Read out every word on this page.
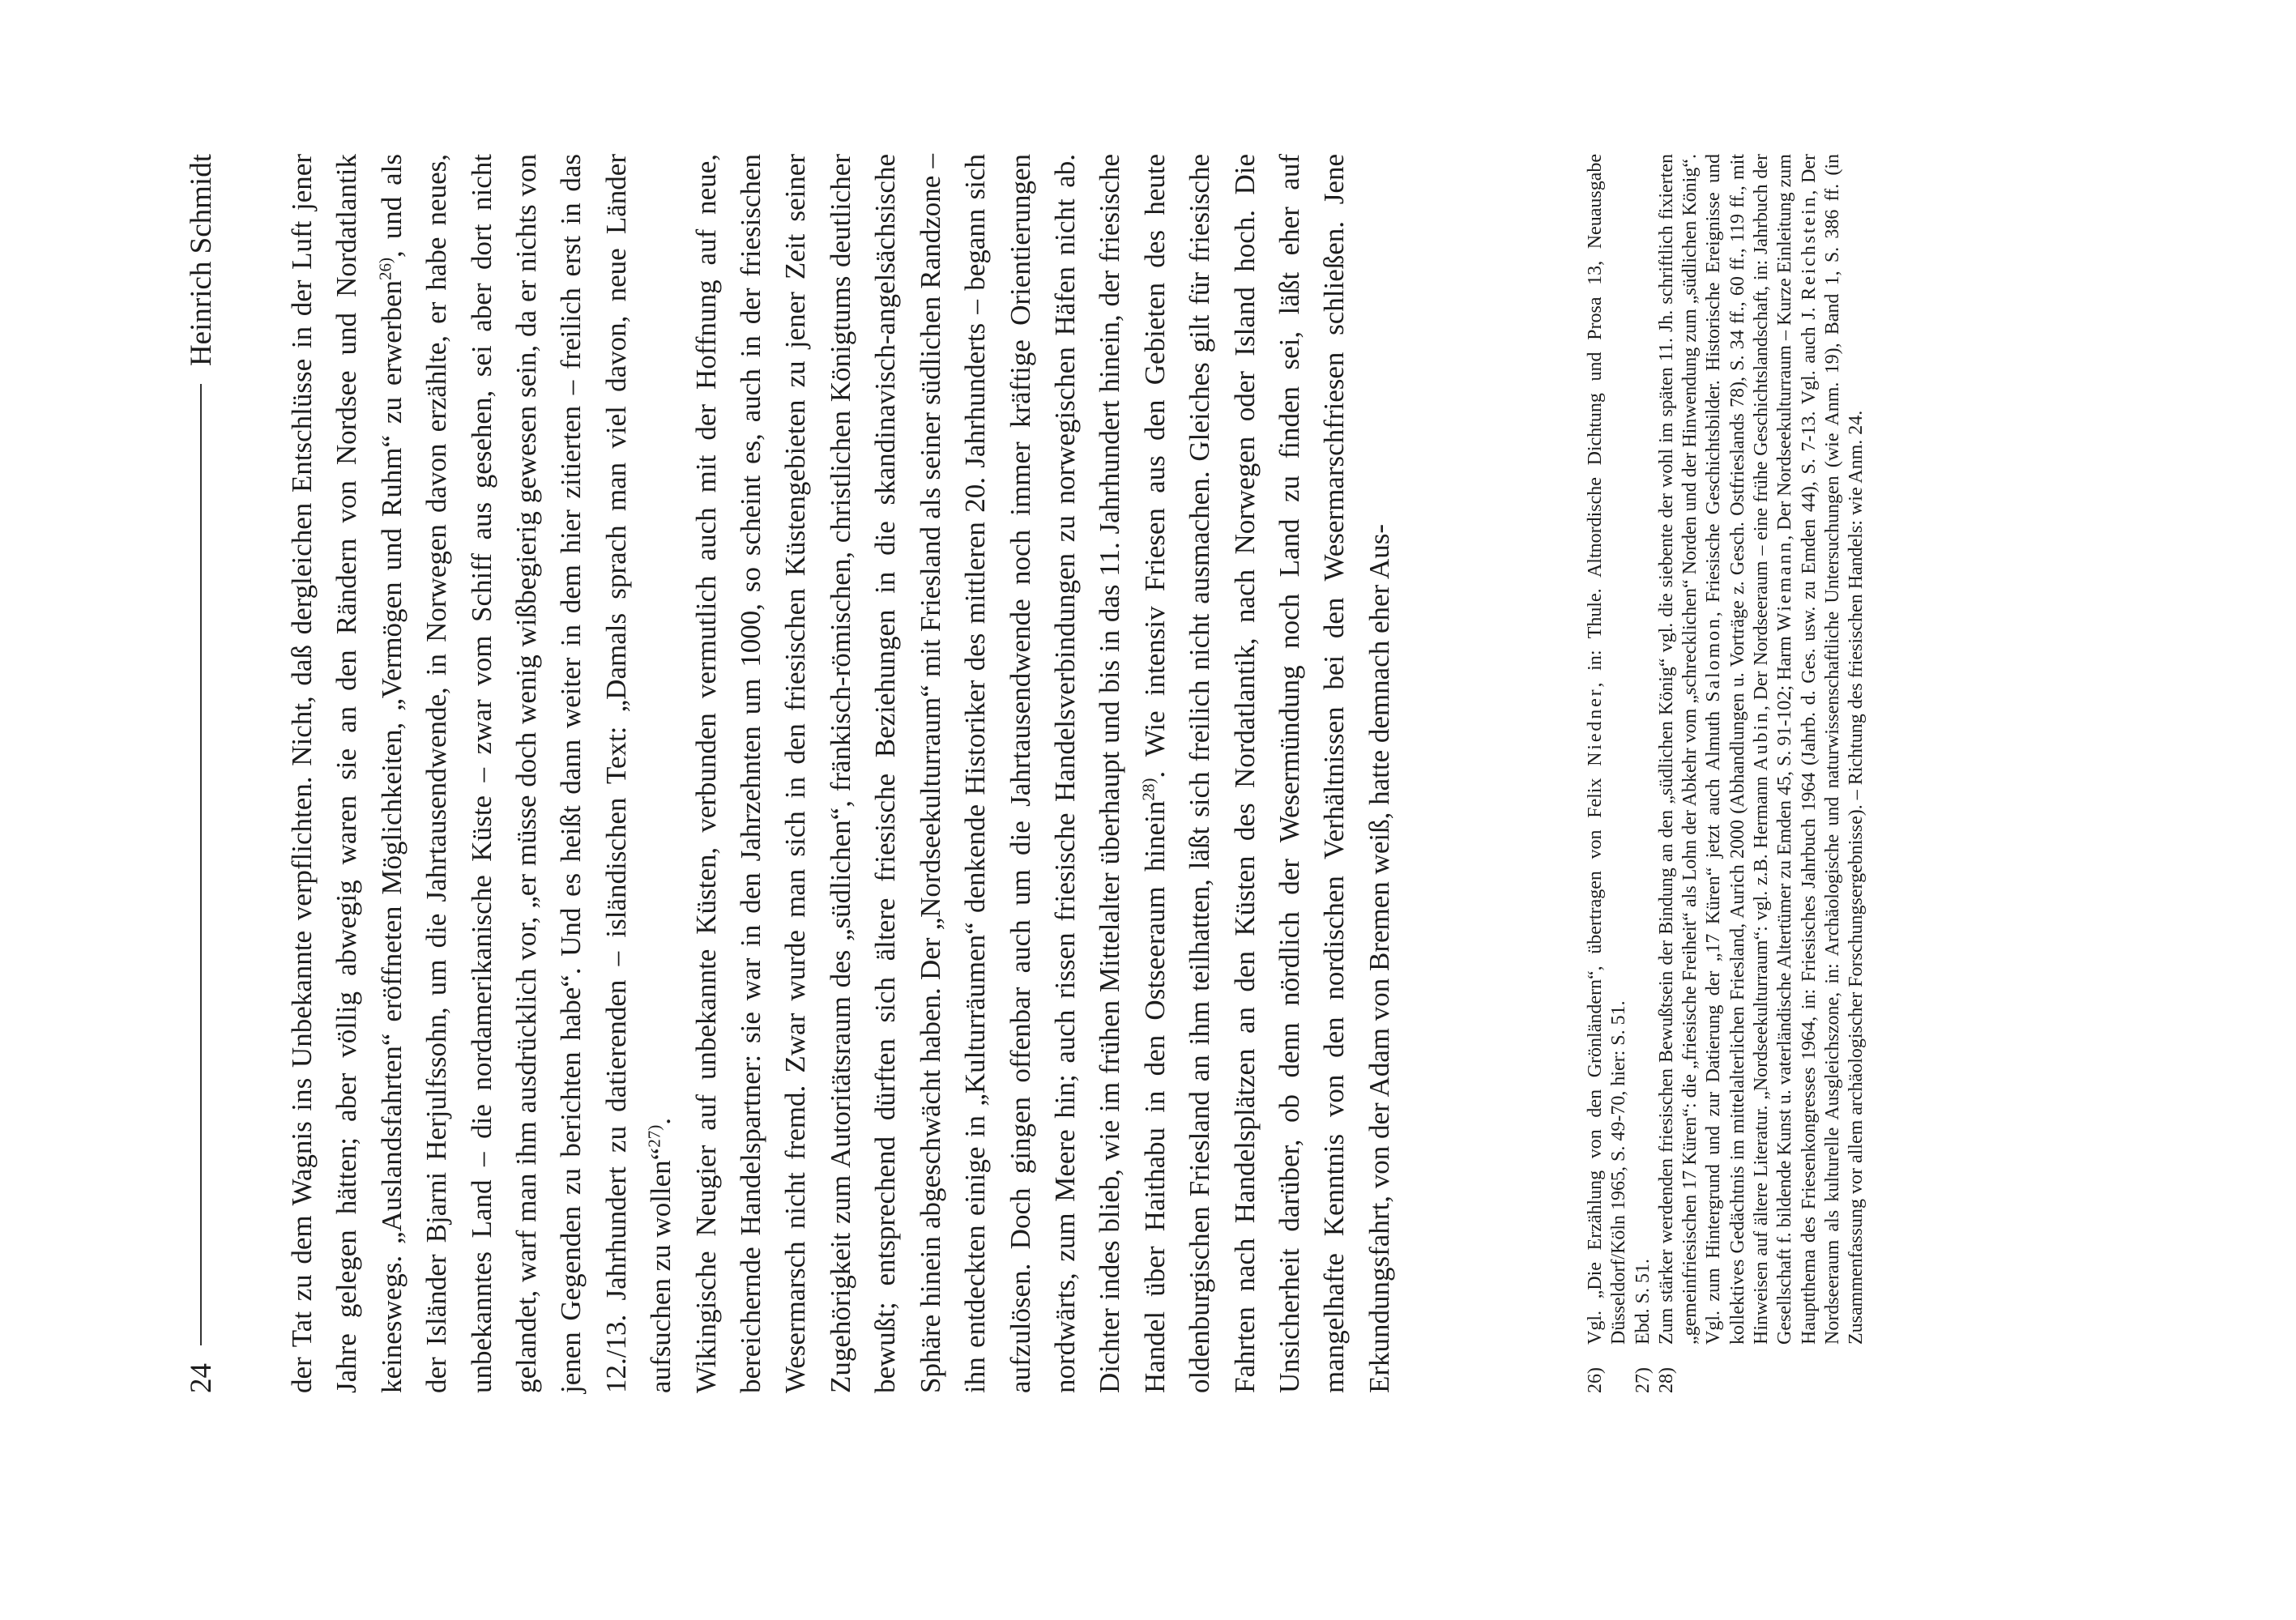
24
Heinrich Schmidt der Tat zu dem Wagnis ins Unbekannte verpflichten. Nicht, daß dergleichen Entschlüsse in der Luft jener Jahre gelegen hätten; aber völlig abwegig waren sie an den Rändern von Nordsee und Nordatlantik keineswegs. „Auslandsfahrten“ eröffneten Möglichkeiten, „Vermögen und Ruhm“ zu erwerben$^{26)}$, und als der Isländer Bjarni Herjulfssohn, um die Jahrtausendwende, in Norwegen davon erzählte, er habe neues, unbekanntes Land – die nordamerikanische Küste – zwar vom Schiff aus gesehen, sei aber dort nicht gelandet, warf man ihm ausdrücklich vor, „er müsse doch wenig wißbegierig gewesen sein, da er nichts von jenen Gegenden zu berichten habe“. Und es heißt dann weiter in dem hier zitierten – freilich erst in das 12./13. Jahrhundert zu datierenden – isländischen Text: „Damals sprach man viel davon, neue Länder aufsuchen zu wollen“$^{27)}$. Wikingische Neugier auf unbekannte Küsten, verbunden vermutlich auch mit der Hoffnung auf neue, bereichernde Handelspartner: sie war in den Jahrzehnten um 1000, so scheint es, auch in der friesischen Wesermarsch nicht fremd. Zwar wurde man sich in den friesischen Küstengebieten zu jener Zeit seiner Zugehörigkeit zum Autoritätsraum des „südlichen“, fränkisch-römischen, christlichen Königtums deutlicher bewußt; entsprechend dürften sich ältere friesische Beziehungen in die skandinavisch-angelsächsische Sphäre hinein abgeschwächt haben. Der „Nordseekulturraum“ mit Friesland als seiner südlichen Randzone – ihn entdeckten einige in „Kulturräumen“ denkende Historiker des mittleren 20. Jahrhunderts – begann sich aufzulösen. Doch gingen offenbar auch um die Jahrtausendwende noch immer kräftige Orientierungen nordwärts, zum Meere hin; auch rissen friesische Handelsverbindungen zu norwegischen Häfen nicht ab. Dichter indes blieb, wie im frühen Mittelalter überhaupt und bis in das 11. Jahrhundert hinein, der friesische Handel über Haithabu in den Ostseeraum hinein$^{28)}$. Wie intensiv Friesen aus den Gebieten des heute oldenburgischen Friesland an ihm teilhatten, läßt sich freilich nicht ausmachen. Gleiches gilt für friesische Fahrten nach Handelsplätzen an den Küsten des Nordatlantik, nach Norwegen oder Island hoch. Die Unsicherheit darüber, ob denn nördlich der Wesermündung noch Land zu finden sei, läßt eher auf mangelhafte Kenntnis von den nordischen Verhältnissen bei den Wesermarschfriesen schließen. Jene Erkundungsfahrt, von der Adam von Bremen weiß, hatte demnach eher Aus-	26)
Vgl. „Die Erzählung von den Grönländern“, übertragen von Felix Niedner, in: Thule. Altnordische Dichtung und Prosa 13, Neuausgabe Düsseldorf/Köln 1965, S. 49-70, hier: S. 51.
27)
Ebd. S. 51.
28)
Zum stärker werdenden friesischen Bewußtsein der Bindung an den „südlichen König“ vgl. die siebente der wohl im späten 11. Jh. schriftlich fixierten „gemeinfriesischen 17 Küren“: die „friesische Freiheit“ als Lohn der Abkehr vom „schrecklichen“ Norden und der Hinwendung zum „südlichen König“. Vgl. zum Hintergrund und zur Datierung der „17 Küren“ jetzt auch Almuth Salomon, Friesische Geschichtsbilder. Historische Ereignisse und kollektives Gedächtnis im mittelalterlichen Friesland, Aurich 2000 (Abhandlungen u. Vorträge z. Gesch. Ostfrieslands 78), S. 34 ff., 60 ff., 119 ff., mit Hinweisen auf ältere Literatur. „Nordseekulturraum“: vgl. z.B. Hermann Aubin, Der Nordseeraum – eine frühe Geschichtslandschaft, in: Jahrbuch der Gesellschaft f. bildende Kunst u. vaterländische Altertümer zu Emden 45, S. 91-102; Harm Wiemann, Der Nordseekulturraum – Kurze Einleitung zum Hauptthema des Friesenkongresses 1964, in: Friesisches Jahrbuch 1964 (Jahrb. d. Ges. usw. zu Emden 44), S. 7-13. Vgl. auch J. Reichstein, Der Nordseeraum als kulturelle Ausgleichszone, in: Archäologische und naturwissenschaftliche Untersuchungen (wie Anm. 19), Band 1, S. 386 ff. (in Zusammenfassung vor allem archäologischer Forschungsergebnisse). – Richtung des friesischen Handels: wie Anm. 24.
